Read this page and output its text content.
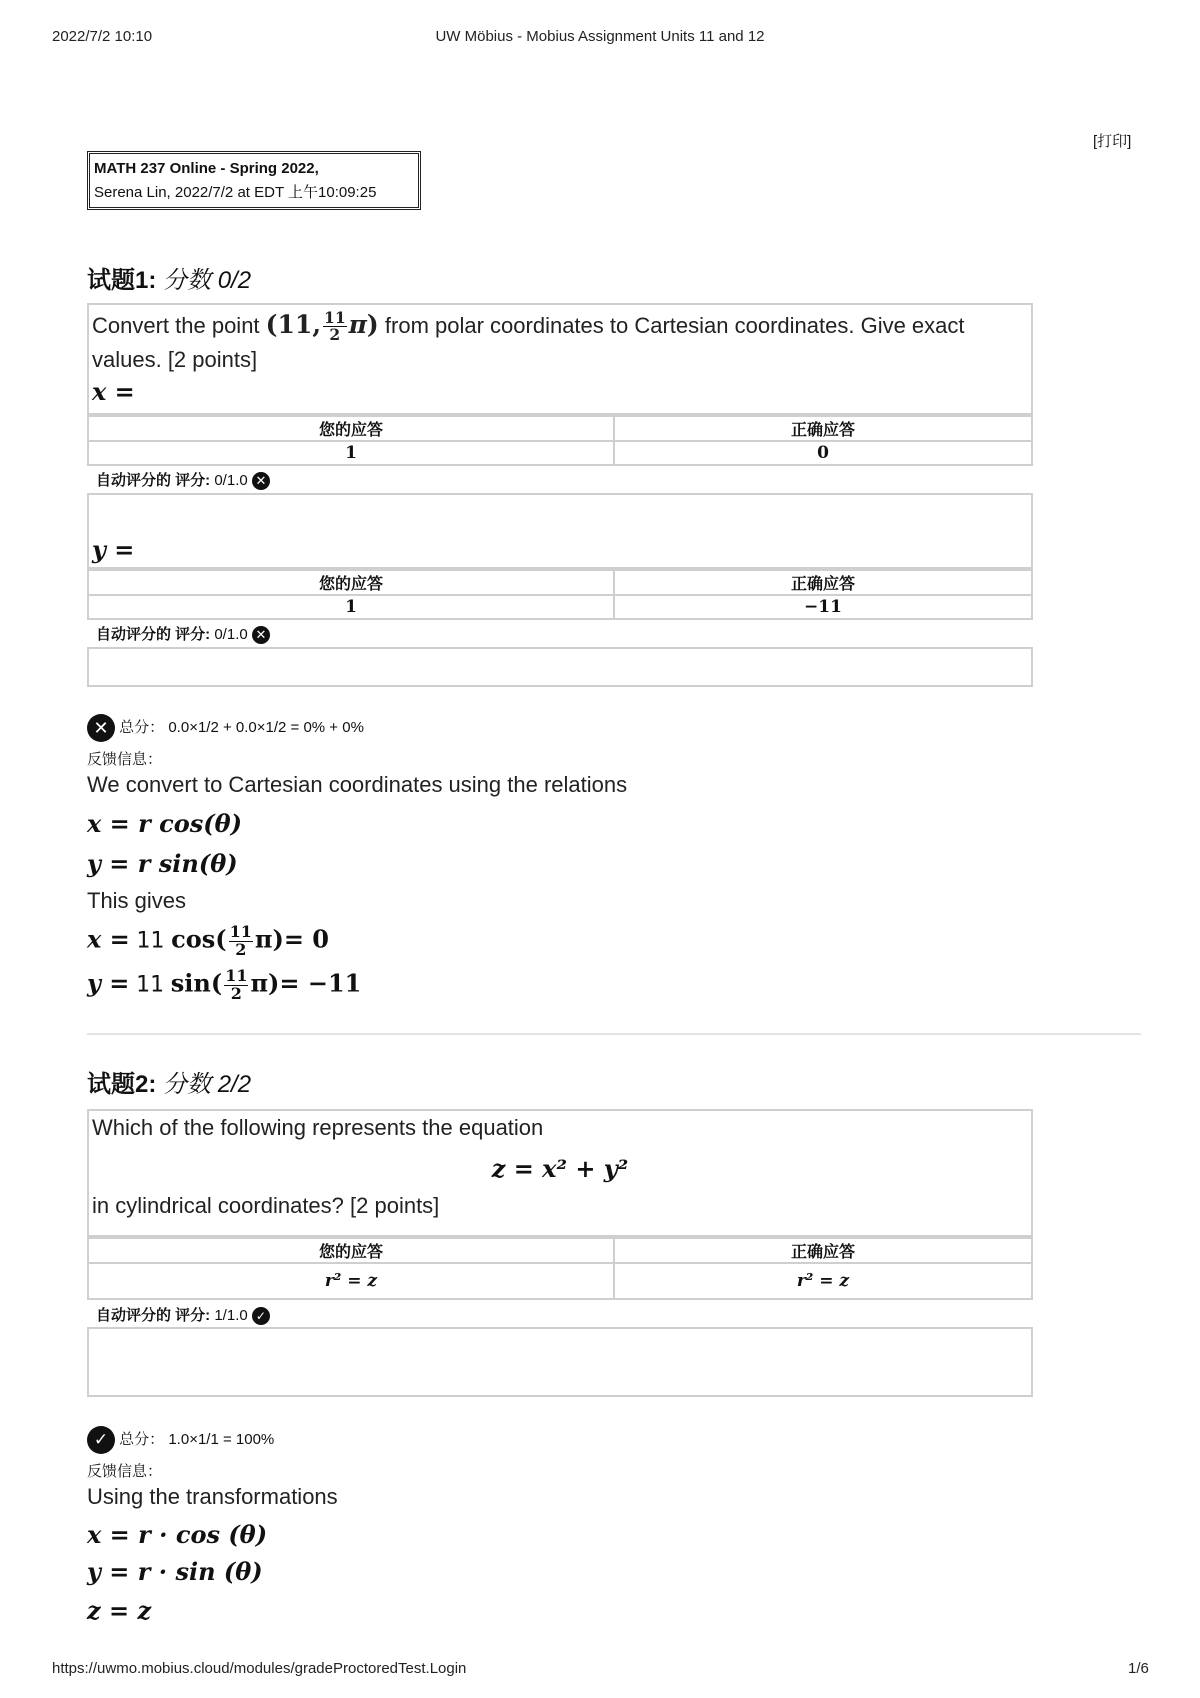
2022/7/2 10:10	UW Möbius - Mobius Assignment Units 11 and 12
[打印]
MATH 237 Online - Spring 2022,
Serena Lin, 2022/7/2 at EDT 上午10:09:25
试题1: 分数 0/2
Convert the point (11, $\frac{11}{2} \pi$) from polar coordinates to Cartesian coordinates. Give exact values. [2 points]
x =
您的应答	正确应答
1	0
自动评分的 评分: 0/1.0 ✕
y =
您的应答	正确应答
1	−11
自动评分的 评分: 0/1.0 ✕
✕ 总分： 0.0×1/2 + 0.0×1/2 = 0% + 0%
反馈信息：
We convert to Cartesian coordinates using the relations
x = r cos(θ)
y = r sin(θ)
This gives
x = 11 $\cos( \frac{11}{2} \pi)= 0$
y = 11 $\sin( \frac{11}{2} \pi)= -11$
试题2: 分数 2/2
Which of the following represents the equation
z = x² + y²
in cylindrical coordinates? [2 points]
您的应答	正确应答
r² = z	r² = z
自动评分的 评分: 1/1.0 ✓
✓ 总分： 1.0×1/1 = 100%
反馈信息：
Using the transformations
x = r · cos (θ)
y = r · sin (θ)
z = z
https://uwmo.mobius.cloud/modules/gradeProctoredTest.Login	1/6
